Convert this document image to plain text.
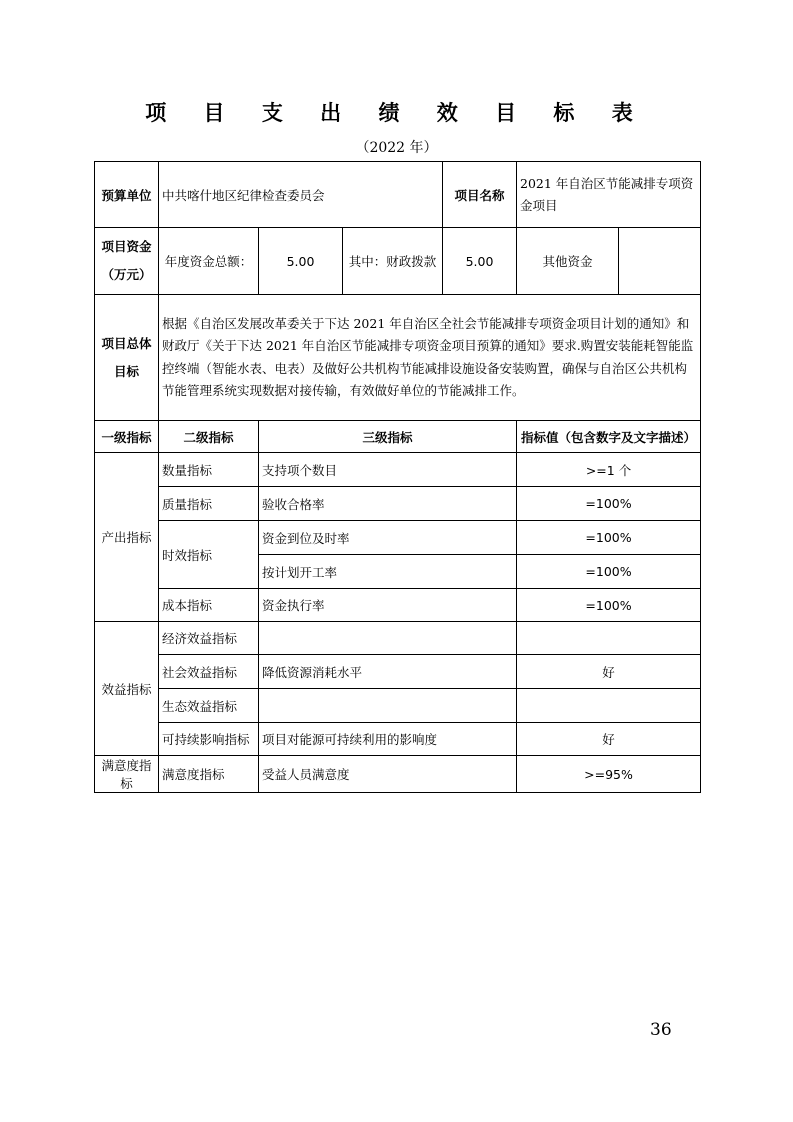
项 目 支 出 绩 效 目 标 表
（2022 年）
预算单位	中共喀什地区纪律检查委员会			项目名称	2021 年自治区节能减排专项资金项目	
项目资金（万元）	年度资金总额：	5.00	其中：财政拨款	5.00	其他资金	
项目总体目标	根据《自治区发展改革委关于下达 2021 年自治区全社会节能减排专项资金项目计划的通知》和财政厅《关于下达 2021 年自治区节能减排专项资金项目预算的通知》要求.购置安装能耗智能监控终端（智能水表、电表）及做好公共机构节能减排设施设备安装购置，确保与自治区公共机构节能管理系统实现数据对接传输，有效做好单位的节能减排工作。					
一级指标	二级指标	三级指标			指标值（包含数字及文字描述）	
产出指标	数量指标	支持项个数目			>=1 个	
	质量指标	验收合格率			=100%	
	时效指标	资金到位及时率			=100%	
		按计划开工率			=100%	
	成本指标	资金执行率			=100%	
效益指标	经济效益指标					
	社会效益指标	降低资源消耗水平			好	
	生态效益指标					
	可持续影响指标	项目对能源可持续利用的影响度			好	
满意度指标	满意度指标	受益人员满意度			>=95%	
36
